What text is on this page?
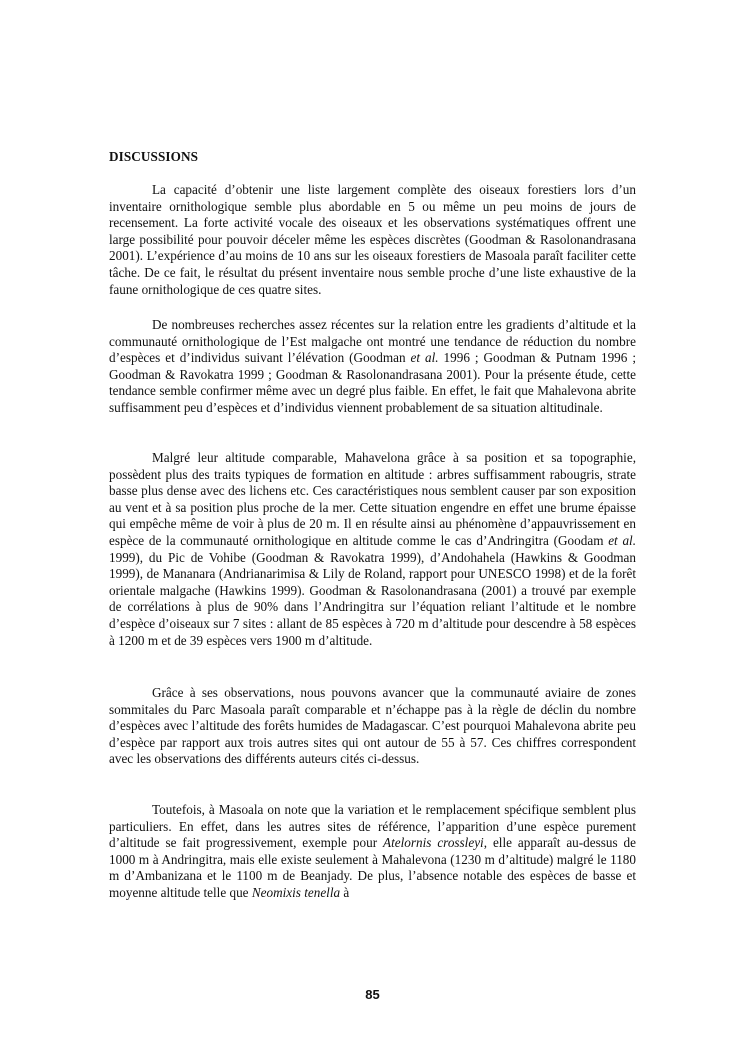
DISCUSSIONS

La capacité d’obtenir une liste largement complète des oiseaux forestiers lors d’un inventaire ornithologique semble plus abordable en 5 ou même un peu moins de jours de recensement. La forte activité vocale des oiseaux et les observations systématiques offrent une large possibilité pour pouvoir déceler même les espèces discrètes (Goodman & Rasolonandrasana 2001). L’expérience d’au moins de 10 ans sur les oiseaux forestiers de Masoala paraît faciliter cette tâche. De ce fait, le résultat du présent inventaire nous semble proche d’une liste exhaustive de la faune ornithologique de ces quatre sites.

De nombreuses recherches assez récentes sur la relation entre les gradients d’altitude et la communauté ornithologique de l’Est malgache ont montré une tendance de réduction du nombre d’espèces et d’individus suivant l’élévation (Goodman et al. 1996 ; Goodman & Putnam 1996 ; Goodman & Ravokatra 1999 ; Goodman & Rasolonandrasana 2001). Pour la présente étude, cette tendance semble confirmer même avec un degré plus faible. En effet, le fait que Mahalevona abrite suffisamment peu d’espèces et d’individus viennent probablement de sa situation altitudinale.

Malgré leur altitude comparable, Mahavelona grâce à sa position et sa topographie, possèdent plus des traits typiques de formation en altitude : arbres suffisamment rabougris, strate basse plus dense avec des lichens etc. Ces caractéristiques nous semblent causer par son exposition au vent et à sa position plus proche de la mer. Cette situation engendre en effet une brume épaisse qui empêche même de voir à plus de 20 m. Il en résulte ainsi au phénomène d’appauvrissement en espèce de la communauté ornithologique en altitude comme le cas d’Andringitra (Goodam et al. 1999), du Pic de Vohibe (Goodman & Ravokatra 1999), d’Andohahela (Hawkins & Goodman 1999), de Mananara (Andrianarimisa & Lily de Roland, rapport pour UNESCO 1998) et de la forêt orientale malgache (Hawkins 1999). Goodman & Rasolonandrasana (2001) a trouvé par exemple de corrélations à plus de 90% dans l’Andringitra sur l’équation reliant l’altitude et le nombre d’espèce d’oiseaux sur 7 sites : allant de 85 espèces à 720 m d’altitude pour descendre à 58 espèces à 1200 m et de 39 espèces vers 1900 m d’altitude.

Grâce à ses observations, nous pouvons avancer que la communauté aviaire de zones sommitales du Parc Masoala paraît comparable et n’échappe pas à la règle de déclin du nombre d’espèces avec l’altitude des forêts humides de Madagascar. C’est pourquoi Mahalevona abrite peu d’espèce par rapport aux trois autres sites qui ont autour de 55 à 57. Ces chiffres correspondent avec les observations des différents auteurs cités ci-dessus.

Toutefois, à Masoala on note que la variation et le remplacement spécifique semblent plus particuliers. En effet, dans les autres sites de référence, l’apparition d’une espèce purement d’altitude se fait progressivement, exemple pour Atelornis crossleyi, elle apparaît au-dessus de 1000 m à Andringitra, mais elle existe seulement à Mahalevona (1230 m d’altitude) malgré le 1180 m d’Ambanizana et le 1100 m de Beanjady. De plus, l’absence notable des espèces de basse et moyenne altitude telle que Neomixis tenella à

85
